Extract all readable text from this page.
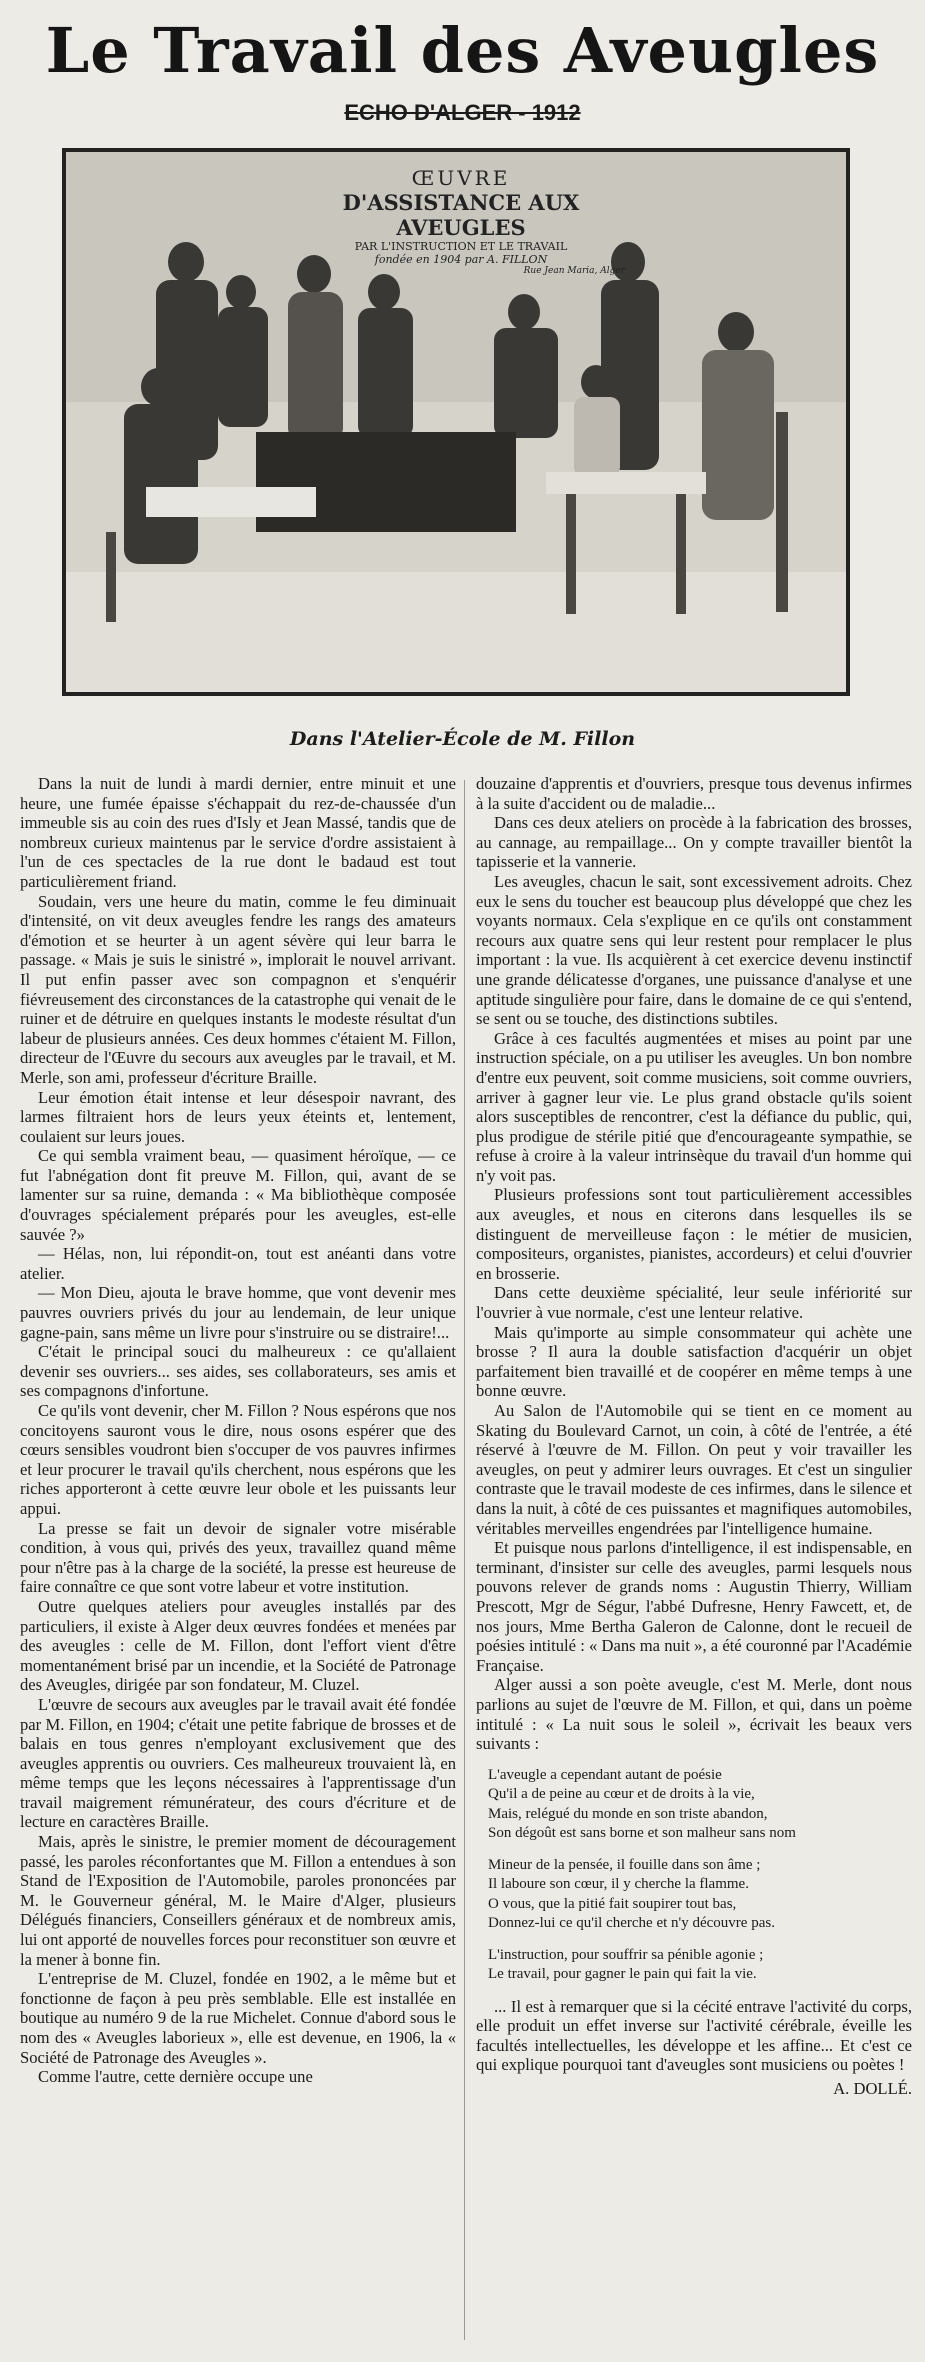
Le Travail des Aveugles
ECHO D'ALGER - 1912
ŒUVRE
D'ASSISTANCE AUX AVEUGLES
PAR L'INSTRUCTION ET LE TRAVAIL
fondée en 1904 par A. FILLON
Rue Jean Maria, Alger
Dans l'Atelier-École de M. Fillon

Dans la nuit de lundi à mardi dernier, entre minuit et une heure, une fumée épaisse s'échappait du rez-de-chaussée d'un immeuble sis au coin des rues d'Isly et Jean Massé, tandis que de nombreux curieux maintenus par le service d'ordre assistaient à l'un de ces spectacles de la rue dont le badaud est tout particulièrement friand.

Soudain, vers une heure du matin, comme le feu diminuait d'intensité, on vit deux aveugles fendre les rangs des amateurs d'émotion et se heurter à un agent sévère qui leur barra le passage. « Mais je suis le sinistré », implorait le nouvel arrivant. Il put enfin passer avec son compagnon et s'enquérir fiévreusement des circonstances de la catastrophe qui venait de le ruiner et de détruire en quelques instants le modeste résultat d'un labeur de plusieurs années. Ces deux hommes c'étaient M. Fillon, directeur de l'Œuvre du secours aux aveugles par le travail, et M. Merle, son ami, professeur d'écriture Braille.

Leur émotion était intense et leur désespoir navrant, des larmes filtraient hors de leurs yeux éteints et, lentement, coulaient sur leurs joues.

Ce qui sembla vraiment beau, — quasiment héroïque, — ce fut l'abnégation dont fit preuve M. Fillon, qui, avant de se lamenter sur sa ruine, demanda : « Ma bibliothèque composée d'ouvrages spécialement préparés pour les aveugles, est-elle sauvée ?»

— Hélas, non, lui répondit-on, tout est anéanti dans votre atelier.

— Mon Dieu, ajouta le brave homme, que vont devenir mes pauvres ouvriers privés du jour au lendemain, de leur unique gagne-pain, sans même un livre pour s'instruire ou se distraire!...

C'était le principal souci du malheureux : ce qu'allaient devenir ses ouvriers... ses aides, ses collaborateurs, ses amis et ses compagnons d'infortune.

Ce qu'ils vont devenir, cher M. Fillon ? Nous espérons que nos concitoyens sauront vous le dire, nous osons espérer que des cœurs sensibles voudront bien s'occuper de vos pauvres infirmes et leur procurer le travail qu'ils cherchent, nous espérons que les riches apporteront à cette œuvre leur obole et les puissants leur appui.

La presse se fait un devoir de signaler votre misérable condition, à vous qui, privés des yeux, travaillez quand même pour n'être pas à la charge de la société, la presse est heureuse de faire connaître ce que sont votre labeur et votre institution.

Outre quelques ateliers pour aveugles installés par des particuliers, il existe à Alger deux œuvres fondées et menées par des aveugles : celle de M. Fillon, dont l'effort vient d'être momentanément brisé par un incendie, et la Société de Patronage des Aveugles, dirigée par son fondateur, M. Cluzel.

L'œuvre de secours aux aveugles par le travail avait été fondée par M. Fillon, en 1904; c'était une petite fabrique de brosses et de balais en tous genres n'employant exclusivement que des aveugles apprentis ou ouvriers. Ces malheureux trouvaient là, en même temps que les leçons nécessaires à l'apprentissage d'un travail maigrement rémunérateur, des cours d'écriture et de lecture en caractères Braille.

Mais, après le sinistre, le premier moment de découragement passé, les paroles réconfortantes que M. Fillon a entendues à son Stand de l'Exposition de l'Automobile, paroles prononcées par M. le Gouverneur général, M. le Maire d'Alger, plusieurs Délégués financiers, Conseillers généraux et de nombreux amis, lui ont apporté de nouvelles forces pour reconstituer son œuvre et la mener à bonne fin.

L'entreprise de M. Cluzel, fondée en 1902, a le même but et fonctionne de façon à peu près semblable. Elle est installée en boutique au numéro 9 de la rue Michelet. Connue d'abord sous le nom des « Aveugles laborieux », elle est devenue, en 1906, la « Société de Patronage des Aveugles ».

Comme l'autre, cette dernière occupe une

douzaine d'apprentis et d'ouvriers, presque tous devenus infirmes à la suite d'accident ou de maladie...

Dans ces deux ateliers on procède à la fabrication des brosses, au cannage, au rempaillage... On y compte travailler bientôt la tapisserie et la vannerie.

Les aveugles, chacun le sait, sont excessivement adroits. Chez eux le sens du toucher est beaucoup plus développé que chez les voyants normaux. Cela s'explique en ce qu'ils ont constamment recours aux quatre sens qui leur restent pour remplacer le plus important : la vue. Ils acquièrent à cet exercice devenu instinctif une grande délicatesse d'organes, une puissance d'analyse et une aptitude singulière pour faire, dans le domaine de ce qui s'entend, se sent ou se touche, des distinctions subtiles.

Grâce à ces facultés augmentées et mises au point par une instruction spéciale, on a pu utiliser les aveugles. Un bon nombre d'entre eux peuvent, soit comme musiciens, soit comme ouvriers, arriver à gagner leur vie. Le plus grand obstacle qu'ils soient alors susceptibles de rencontrer, c'est la défiance du public, qui, plus prodigue de stérile pitié que d'encourageante sympathie, se refuse à croire à la valeur intrinsèque du travail d'un homme qui n'y voit pas.

Plusieurs professions sont tout particulièrement accessibles aux aveugles, et nous en citerons dans lesquelles ils se distinguent de merveilleuse façon : le métier de musicien, compositeurs, organistes, pianistes, accordeurs) et celui d'ouvrier en brosserie.

Dans cette deuxième spécialité, leur seule infériorité sur l'ouvrier à vue normale, c'est une lenteur relative.

Mais qu'importe au simple consommateur qui achète une brosse ? Il aura la double satisfaction d'acquérir un objet parfaitement bien travaillé et de coopérer en même temps à une bonne œuvre.

Au Salon de l'Automobile qui se tient en ce moment au Skating du Boulevard Carnot, un coin, à côté de l'entrée, a été réservé à l'œuvre de M. Fillon. On peut y voir travailler les aveugles, on peut y admirer leurs ouvrages. Et c'est un singulier contraste que le travail modeste de ces infirmes, dans le silence et dans la nuit, à côté de ces puissantes et magnifiques automobiles, véritables merveilles engendrées par l'intelligence humaine.

Et puisque nous parlons d'intelligence, il est indispensable, en terminant, d'insister sur celle des aveugles, parmi lesquels nous pouvons relever de grands noms : Augustin Thierry, William Prescott, Mgr de Ségur, l'abbé Dufresne, Henry Fawcett, et, de nos jours, Mme Bertha Galeron de Calonne, dont le recueil de poésies intitulé : « Dans ma nuit », a été couronné par l'Académie Française.

Alger aussi a son poète aveugle, c'est M. Merle, dont nous parlions au sujet de l'œuvre de M. Fillon, et qui, dans un poème intitulé : « La nuit sous le soleil », écrivait les beaux vers suivants :

L'aveugle a cependant autant de poésie
Qu'il a de peine au cœur et de droits à la vie,
Mais, relégué du monde en son triste abandon,
Son dégoût est sans borne et son malheur sans nom
Mineur de la pensée, il fouille dans son âme ;
Il laboure son cœur, il y cherche la flamme.
O vous, que la pitié fait soupirer tout bas,
Donnez-lui ce qu'il cherche et n'y découvre pas.
L'instruction, pour souffrir sa pénible agonie ;
Le travail, pour gagner le pain qui fait la vie.

... Il est à remarquer que si la cécité entrave l'activité du corps, elle produit un effet inverse sur l'activité cérébrale, éveille les facultés intellectuelles, les développe et les affine... Et c'est ce qui explique pourquoi tant d'aveugles sont musiciens ou poètes !

A. DOLLÉ.
